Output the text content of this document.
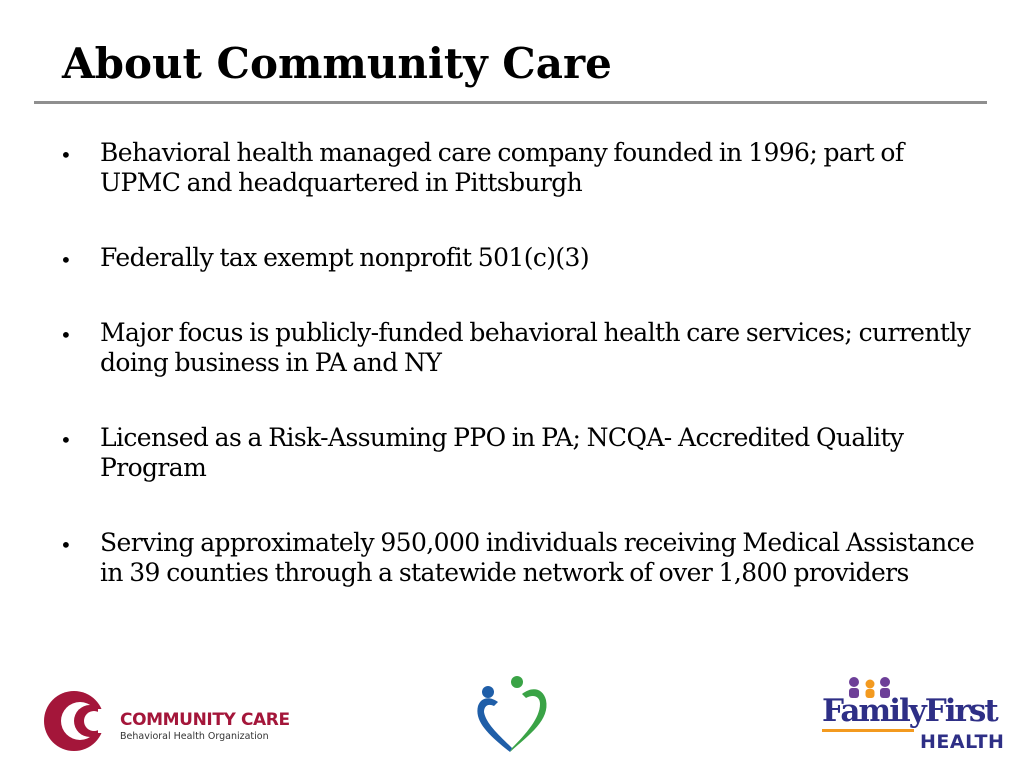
About Community Care
•	Behavioral health managed care company founded in 1996; part of UPMC and headquartered in Pittsburgh
•	Federally tax exempt nonprofit 501(c)(3)
•	Major focus is publicly-funded behavioral health care services; currently doing business in PA and NY
•	Licensed as a Risk-Assuming PPO in PA; NCQA- Accredited Quality Program
•	Serving approximately 950,000 individuals receiving Medical Assistance in 39 counties through a statewide network of over 1,800 providers
COMMUNITY CARE
Behavioral Health Organization
FamilyFirst
HEALTH
